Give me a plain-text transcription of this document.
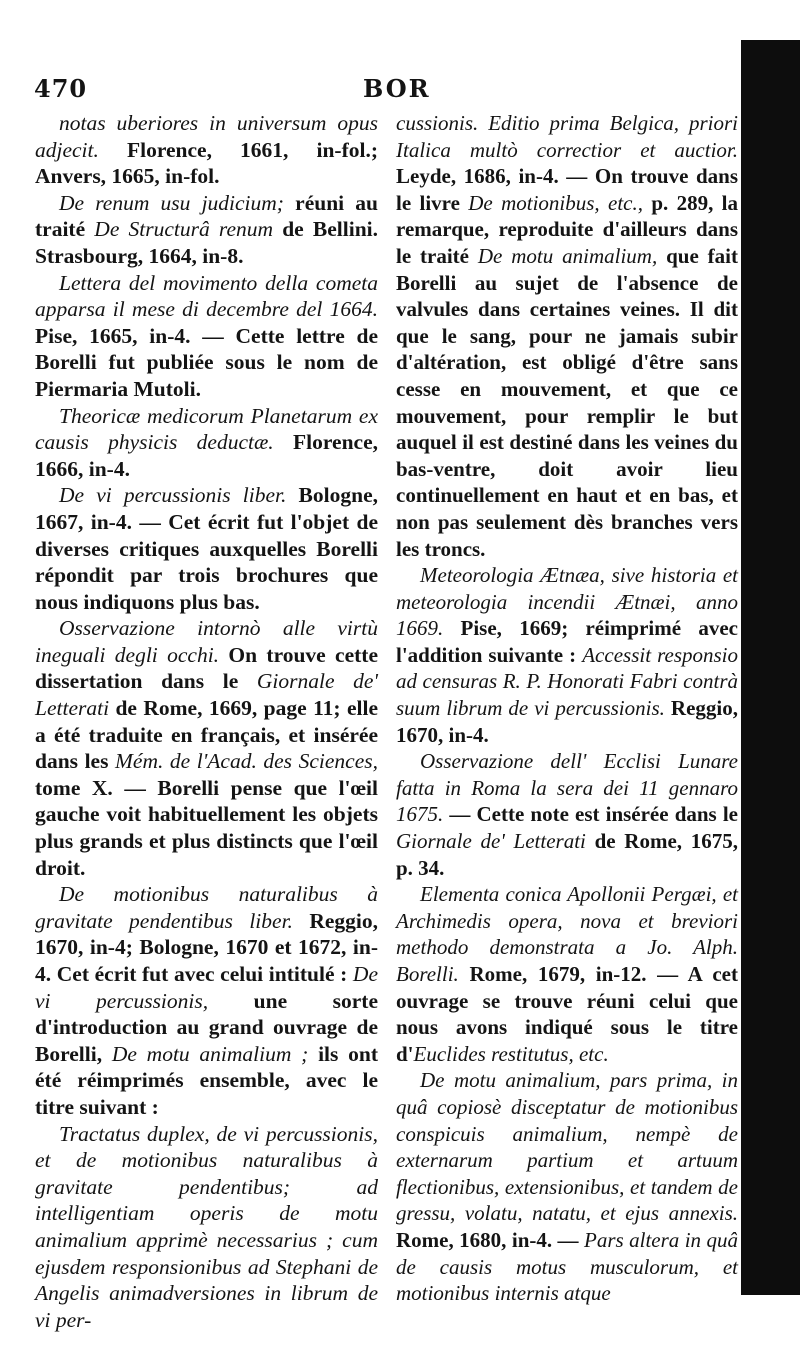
470	BOR

notas uberiores in universum opus adjecit. Florence, 1661, in-fol.; Anvers, 1665, in-fol.

De renum usu judicium; réuni au traité De Structurâ renum de Bellini. Strasbourg, 1664, in-8.

Lettera del movimento della cometa apparsa il mese di decembre del 1664. Pise, 1665, in-4. — Cette lettre de Borelli fut publiée sous le nom de Piermaria Mutoli.

Theoricæ medicorum Planetarum ex causis physicis deductæ. Florence, 1666, in-4.

De vi percussionis liber. Bologne, 1667, in-4. — Cet écrit fut l'objet de diverses critiques auxquelles Borelli répondit par trois brochures que nous indiquons plus bas.

Osservazione intornò alle virtù ineguali degli occhi. On trouve cette dissertation dans le Giornale de' Letterati de Rome, 1669, page 11; elle a été traduite en français, et insérée dans les Mém. de l'Acad. des Sciences, tome X. — Borelli pense que l'œil gauche voit habituellement les objets plus grands et plus distincts que l'œil droit.

De motionibus naturalibus à gravitate pendentibus liber. Reggio, 1670, in-4; Bologne, 1670 et 1672, in-4. Cet écrit fut avec celui intitulé : De vi percussionis, une sorte d'introduction au grand ouvrage de Borelli, De motu animalium ; ils ont été réimprimés ensemble, avec le titre suivant :

Tractatus duplex, de vi percussionis, et de motionibus naturalibus à gravitate pendentibus; ad intelligentiam operis de motu animalium apprimè necessarius ; cum ejusdem responsionibus ad Stephani de Angelis animadversiones in librum de vi per-

cussionis. Editio prima Belgica, priori Italica multò correctior et auctior. Leyde, 1686, in-4. — On trouve dans le livre De motionibus, etc., p. 289, la remarque, reproduite d'ailleurs dans le traité De motu animalium, que fait Borelli au sujet de l'absence de valvules dans certaines veines. Il dit que le sang, pour ne jamais subir d'altération, est obligé d'être sans cesse en mouvement, et que ce mouvement, pour remplir le but auquel il est destiné dans les veines du bas-ventre, doit avoir lieu continuellement en haut et en bas, et non pas seulement dès branches vers les troncs.

Meteorologia Ætnæa, sive historia et meteorologia incendii Ætnæi, anno 1669. Pise, 1669; réimprimé avec l'addition suivante : Accessit responsio ad censuras R. P. Honorati Fabri contrà suum librum de vi percussionis. Reggio, 1670, in-4.

Osservazione dell' Ecclisi Lunare fatta in Roma la sera dei 11 gennaro 1675. — Cette note est insérée dans le Giornale de' Letterati de Rome, 1675, p. 34.

Elementa conica Apollonii Pergæi, et Archimedis opera, nova et breviori methodo demonstrata a Jo. Alph. Borelli. Rome, 1679, in-12. — A cet ouvrage se trouve réuni celui que nous avons indiqué sous le titre d'Euclides restitutus, etc.

De motu animalium, pars prima, in quâ copiosè disceptatur de motionibus conspicuis animalium, nempè de externarum partium et artuum flectionibus, extensionibus, et tandem de gressu, volatu, natatu, et ejus annexis. Rome, 1680, in-4. — Pars altera in quâ de causis motus musculorum, et motionibus internis atque
